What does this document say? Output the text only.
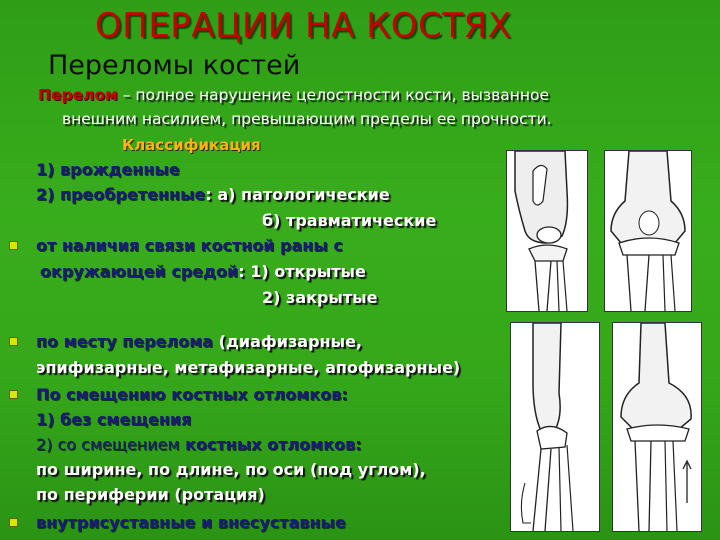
ОПЕРАЦИИ НА КОСТЯХ
Переломы костей
Перелом – полное нарушение целостности кости, вызванное
внешним насилием, превышающим пределы ее прочности.
Классификация
1) врожденные
2) преобретенные: а) патологические
б) травматические
от наличия связи костной раны с
окружающей средой: 1) открытые
2) закрытые
по месту перелома (диафизарные,
эпифизарные, метафизарные, апофизарные)
По смещению костных отломков:
1) без смещения
2) со смещением костных отломков:
по ширине, по длине, по оси (под углом),
по периферии (ротация)
внутрисуставные и внесуставные
